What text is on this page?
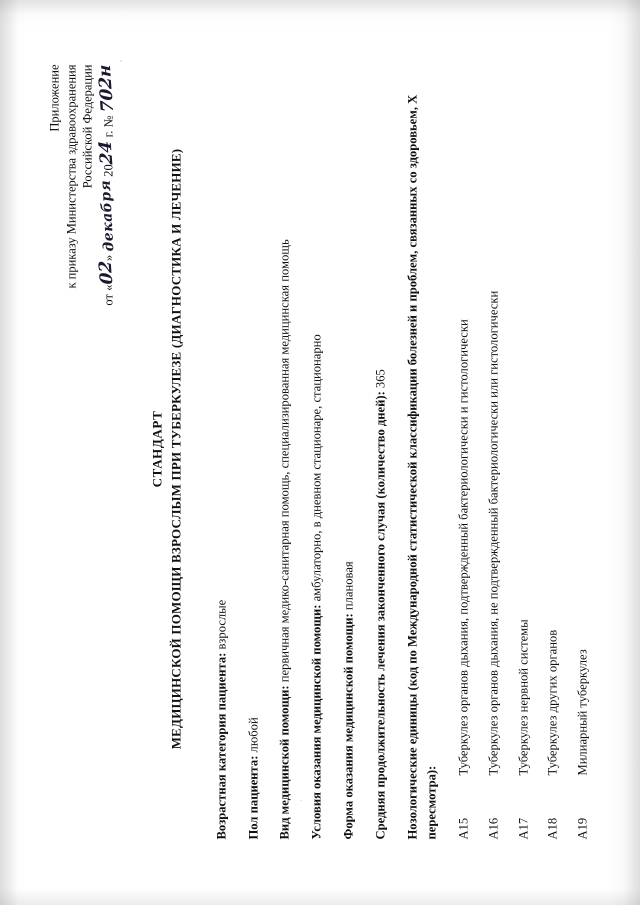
Приложение к приказу Министерства здравоохранения Российской Федерации
от «02» декабря 2024 г. № 702н
СТАНДАРТ МЕДИЦИНСКОЙ ПОМОЩИ ВЗРОСЛЫМ ПРИ ТУБЕРКУЛЕЗЕ (ДИАГНОСТИКА И ЛЕЧЕНИЕ) Возрастная категория пациента: взрослые
Пол пациента: любой Вид медицинской помощи: первичная медико-санитарная помощь, специализированная медицинская помощь
Условия оказания медицинской помощи: амбулаторно, в дневном стационаре, стационарно
Форма оказания медицинской помощи: плановая Средняя продолжительность лечения законченного случая (количество дней): 365 Нозологические единицы (код по Международной статистической классификации болезней и проблем, связанных со здоровьем, X пересмотра): А15
Туберкулез органов дыхания, подтвержденный бактериологически и гистологически
А16
Туберкулез органов дыхания, не подтвержденный бактериологически или гистологически
А17
Туберкулез нервной системы
А18
Туберкулез других органов
А19
Милиарный туберкулез
